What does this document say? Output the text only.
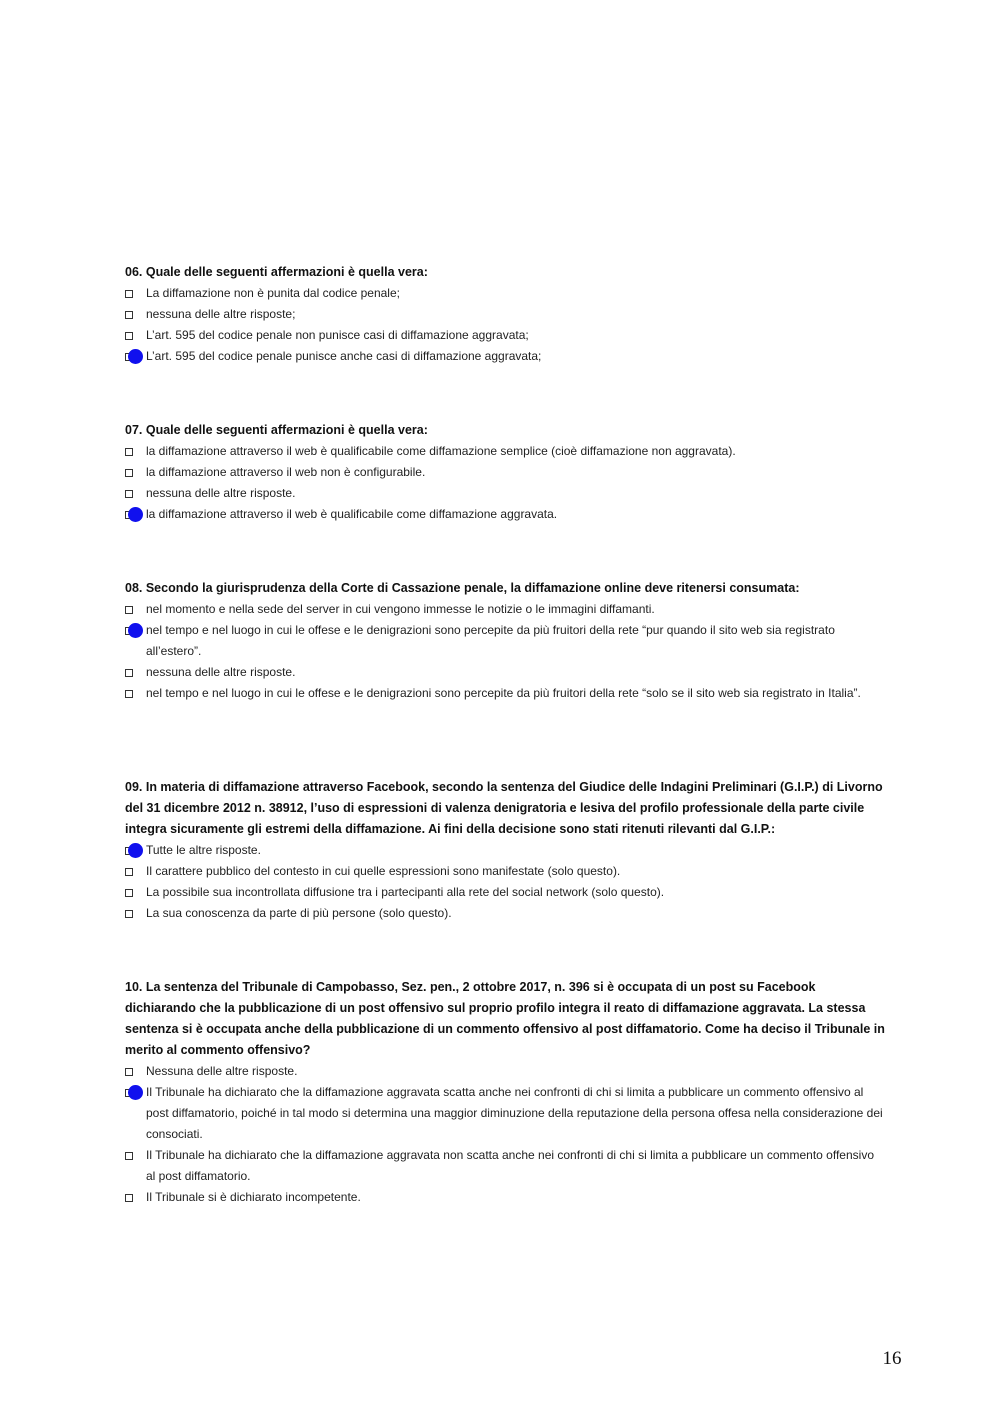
06. Quale delle seguenti affermazioni è quella vera:
La diffamazione non è punita dal codice penale;
nessuna delle altre risposte;
L’art. 595 del codice penale non punisce casi di diffamazione aggravata;
L’art. 595 del codice penale punisce anche casi di diffamazione aggravata;
07. Quale delle seguenti affermazioni è quella vera:
la diffamazione attraverso il web è qualificabile come diffamazione semplice (cioè diffamazione non aggravata).
la diffamazione attraverso il web non è configurabile.
nessuna delle altre risposte.
la diffamazione attraverso il web è qualificabile come diffamazione aggravata.
08. Secondo la giurisprudenza della Corte di Cassazione penale, la diffamazione online deve ritenersi consumata:
nel momento e nella sede del server in cui vengono immesse le notizie o le immagini diffamanti.
nel tempo e nel luogo in cui le offese e le denigrazioni sono percepite da più fruitori della rete “pur quando il sito web sia registrato all’estero”.
nessuna delle altre risposte.
nel tempo e nel luogo in cui le offese e le denigrazioni sono percepite da più fruitori della rete “solo se il sito web sia registrato in Italia”.
09. In materia di diffamazione attraverso Facebook, secondo la sentenza del Giudice delle Indagini Preliminari (G.I.P.) di Livorno del 31 dicembre 2012 n. 38912, l’uso di espressioni di valenza denigratoria e lesiva del profilo professionale della parte civile integra sicuramente gli estremi della diffamazione. Ai fini della decisione sono stati ritenuti rilevanti dal G.I.P.:
Tutte le altre risposte.
Il carattere pubblico del contesto in cui quelle espressioni sono manifestate (solo questo).
La possibile sua incontrollata diffusione tra i partecipanti alla rete del social network (solo questo).
La sua conoscenza da parte di più persone (solo questo).
10. La sentenza del Tribunale di Campobasso, Sez. pen., 2 ottobre 2017, n. 396 si è occupata di un post su Facebook dichiarando che la pubblicazione di un post offensivo sul proprio profilo integra il reato di diffamazione aggravata. La stessa sentenza si è occupata anche della pubblicazione di un commento offensivo al post diffamatorio. Come ha deciso il Tribunale in merito al commento offensivo?
Nessuna delle altre risposte.
Il Tribunale ha dichiarato che la diffamazione aggravata scatta anche nei confronti di chi si limita a pubblicare un commento offensivo al post diffamatorio, poiché in tal modo si determina una maggior diminuzione della reputazione della persona offesa nella considerazione dei consociati.
Il Tribunale ha dichiarato che la diffamazione aggravata non scatta anche nei confronti di chi si limita a pubblicare un commento offensivo al post diffamatorio.
Il Tribunale si è dichiarato incompetente.
16
